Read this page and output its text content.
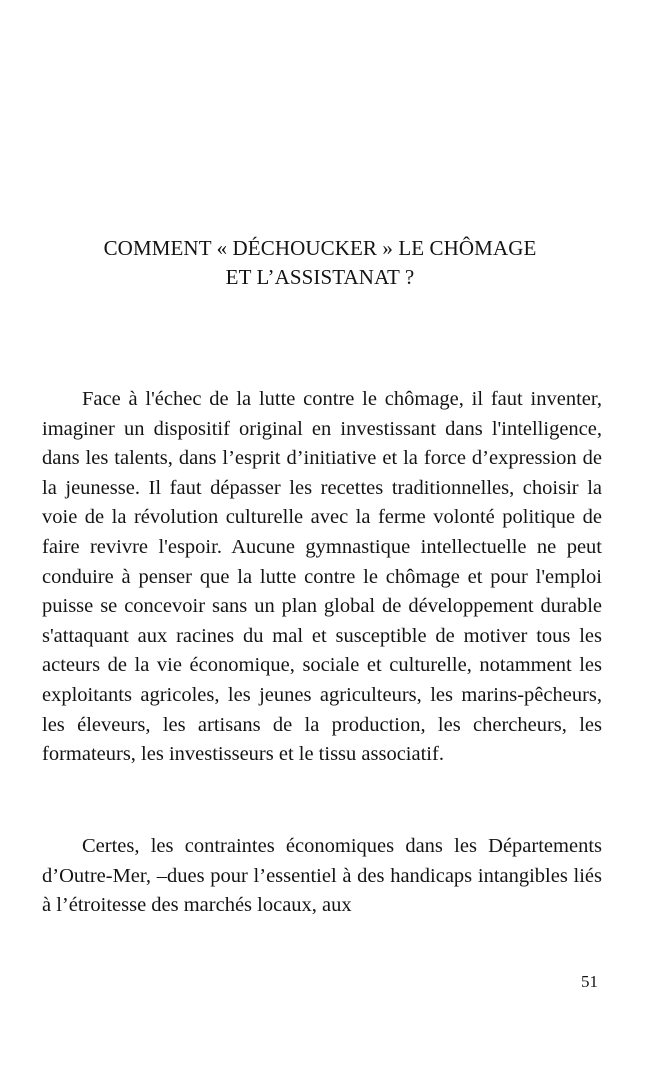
COMMENT « DÉCHOUCKER » LE CHÔMAGE
ET L’ASSISTANAT ?

Face à l'échec de la lutte contre le chômage, il faut inventer, imaginer un dispositif original en investissant dans l'intelligence, dans les talents, dans l’esprit d’initiative et la force d’expression de la jeunesse. Il faut dépasser les recettes traditionnelles, choisir la voie de la révolution culturelle avec la ferme volonté politique de faire revivre l'espoir. Aucune gymnastique intellectuelle ne peut conduire à penser que la lutte contre le chômage et pour l'emploi puisse se concevoir sans un plan global de développement durable s'attaquant aux racines du mal et susceptible de motiver tous les acteurs de la vie économique, sociale et culturelle, notamment les exploitants agricoles, les jeunes agriculteurs, les marins-pêcheurs, les éleveurs, les artisans de la production, les chercheurs, les formateurs, les investisseurs et le tissu associatif.

Certes, les contraintes économiques dans les Départements d’Outre-Mer, –dues pour l’essentiel à des handicaps intangibles liés à l’étroitesse des marchés locaux, aux

51
